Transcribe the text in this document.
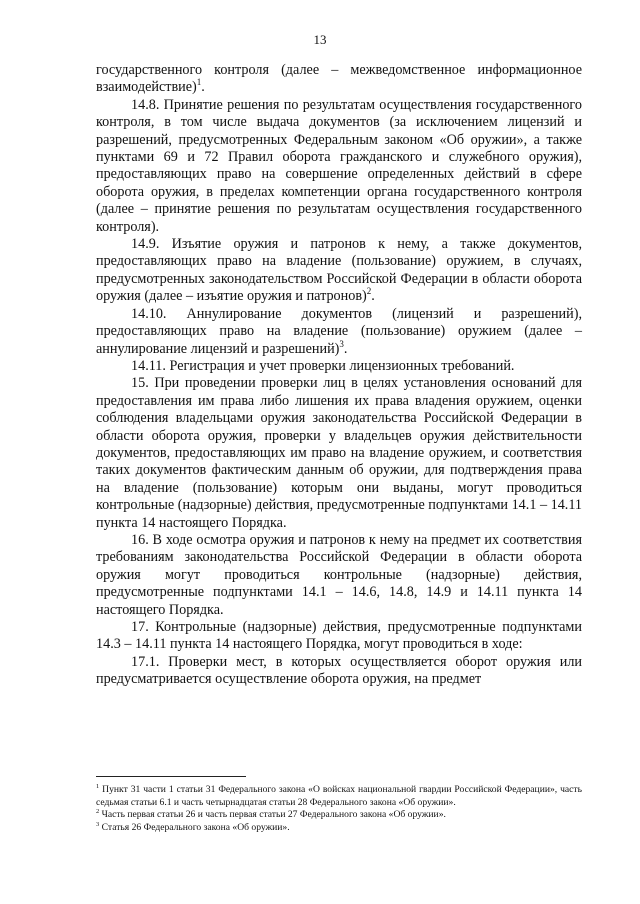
13

государственного контроля (далее – межведомственное информационное взаимодействие)$^1$.

14.8. Принятие решения по результатам осуществления государственного контроля, в том числе выдача документов (за исключением лицензий и разрешений, предусмотренных Федеральным законом «Об оружии», а также пунктами 69 и 72 Правил оборота гражданского и служебного оружия), предоставляющих право на совершение определенных действий в сфере оборота оружия, в пределах компетенции органа государственного контроля (далее – принятие решения по результатам осуществления государственного контроля).

14.9. Изъятие оружия и патронов к нему, а также документов, предоставляющих право на владение (пользование) оружием, в случаях, предусмотренных законодательством Российской Федерации в области оборота оружия (далее – изъятие оружия и патронов)$^2$.

14.10. Аннулирование документов (лицензий и разрешений), предоставляющих право на владение (пользование) оружием (далее – аннулирование лицензий и разрешений)$^3$.

14.11. Регистрация и учет проверки лицензионных требований.

15. При проведении проверки лиц в целях установления оснований для предоставления им права либо лишения их права владения оружием, оценки соблюдения владельцами оружия законодательства Российской Федерации в области оборота оружия, проверки у владельцев оружия действительности документов, предоставляющих им право на владение оружием, и соответствия таких документов фактическим данным об оружии, для подтверждения права на владение (пользование) которым они выданы, могут проводиться контрольные (надзорные) действия, предусмотренные подпунктами 14.1 – 14.11 пункта 14 настоящего Порядка.

16. В ходе осмотра оружия и патронов к нему на предмет их соответствия требованиям законодательства Российской Федерации в области оборота оружия могут проводиться контрольные (надзорные) действия, предусмотренные подпунктами 14.1 – 14.6, 14.8, 14.9 и 14.11 пункта 14 настоящего Порядка.

17. Контрольные (надзорные) действия, предусмотренные подпунктами 14.3 – 14.11 пункта 14 настоящего Порядка, могут проводиться в ходе:

17.1. Проверки мест, в которых осуществляется оборот оружия или предусматривается осуществление оборота оружия, на предмет

$^1$ Пункт 31 части 1 статьи 31 Федерального закона «О войсках национальной гвардии Российской Федерации», часть седьмая статьи 6.1 и часть четырнадцатая статьи 28 Федерального закона «Об оружии».

$^2$ Часть первая статьи 26 и часть первая статьи 27 Федерального закона «Об оружии».

$^3$ Статья 26 Федерального закона «Об оружии».
